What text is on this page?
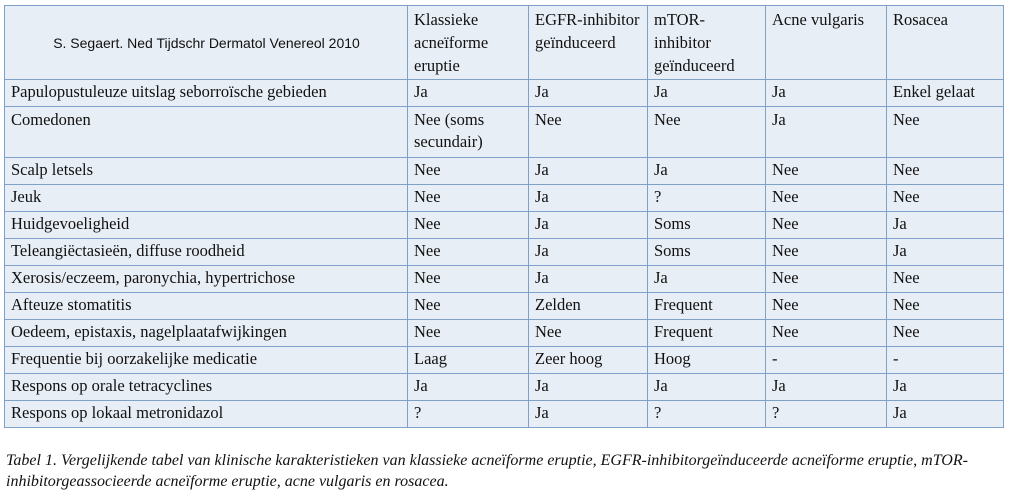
S. Segaert. Ned Tijdschr Dermatol Venereol 2010	Klassieke acneïforme eruptie	EGFR-inhibitor geïnduceerd	mTOR-inhibitor geïnduceerd	Acne vulgaris	Rosacea
Papulopustuleuze uitslag seborroïsche gebieden	Ja	Ja	Ja	Ja	Enkel gelaat
Comedonen	Nee (soms secundair)	Nee	Nee	Ja	Nee
Scalp letsels	Nee	Ja	Ja	Nee	Nee
Jeuk	Nee	Ja	?	Nee	Nee
Huidgevoeligheid	Nee	Ja	Soms	Nee	Ja
Teleangiëctasieën, diffuse roodheid	Nee	Ja	Soms	Nee	Ja
Xerosis/eczeem, paronychia, hypertrichose	Nee	Ja	Ja	Nee	Nee
Afteuze stomatitis	Nee	Zelden	Frequent	Nee	Nee
Oedeem, epistaxis, nagelplaatafwijkingen	Nee	Nee	Frequent	Nee	Nee
Frequentie bij oorzakelijke medicatie	Laag	Zeer hoog	Hoog	-	-
Respons op orale tetracyclines	Ja	Ja	Ja	Ja	Ja
Respons op lokaal metronidazol	?	Ja	?	?	Ja
Tabel 1. Vergelijkende tabel van klinische karakteristieken van klassieke acneïforme eruptie, EGFR-inhibitorgeïnduceerde acneïforme eruptie, mTOR-inhibitorgeassocieerde acneïforme eruptie, acne vulgaris en rosacea.
